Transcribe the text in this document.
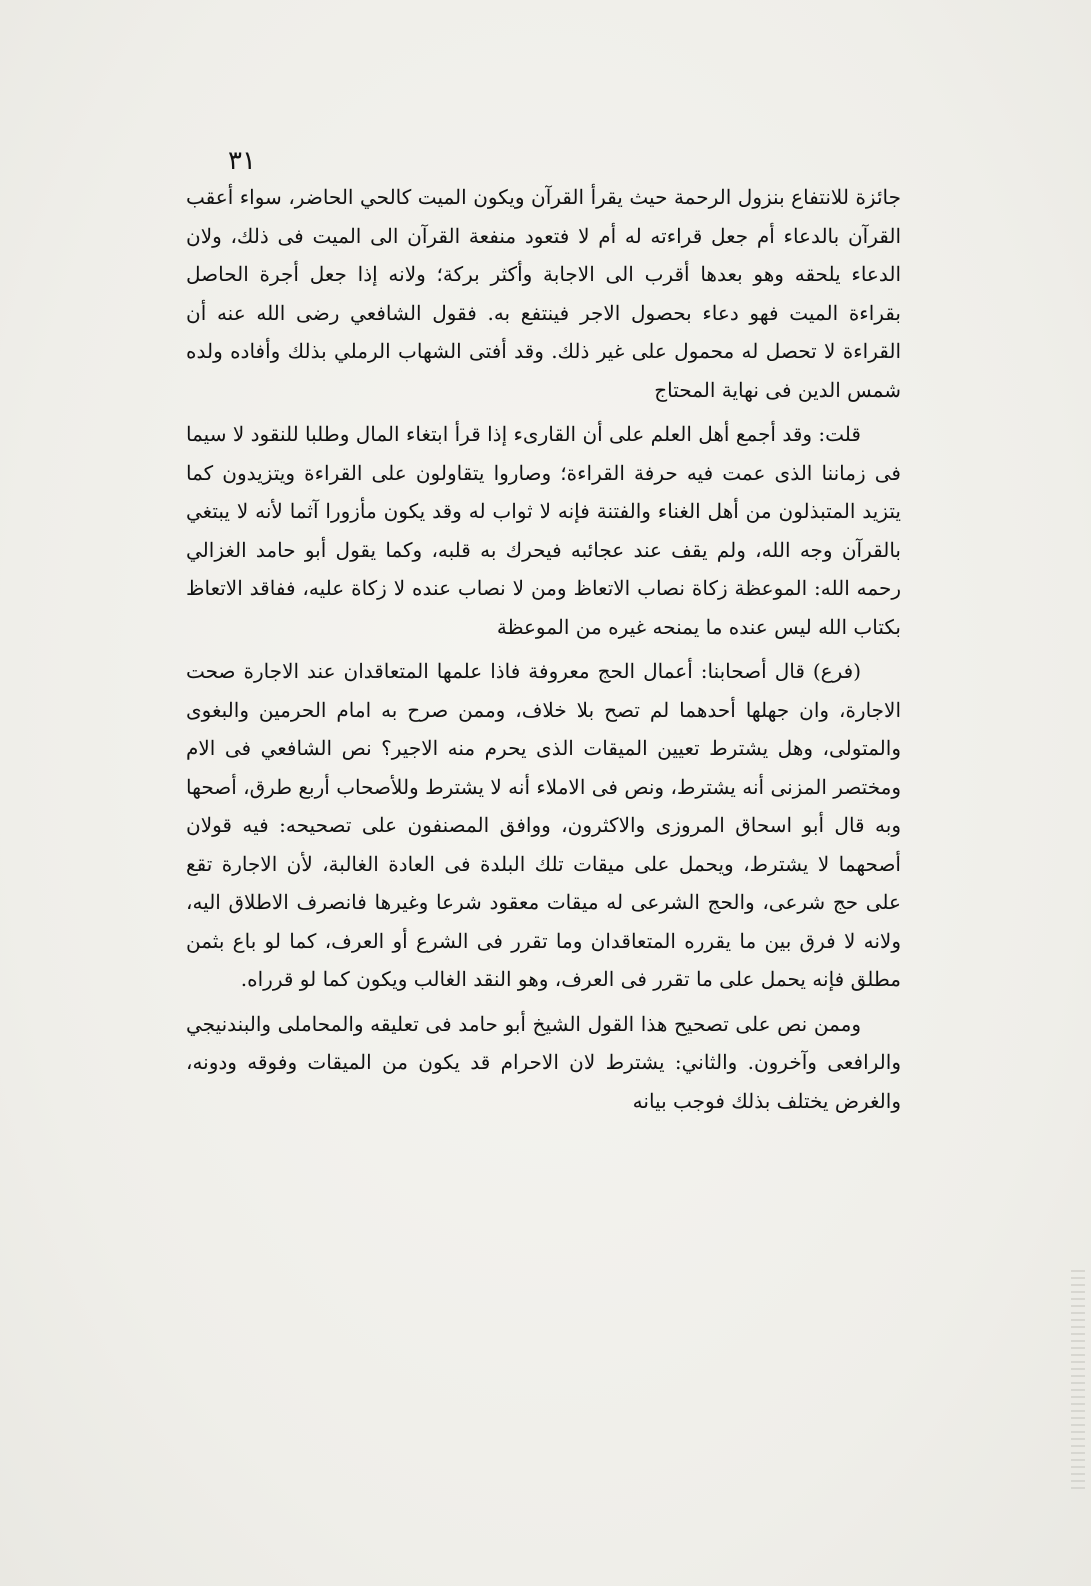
٣١

جائزة للانتفاع بنزول الرحمة حيث يقرأ القرآن ويكون الميت كالحي الحاضر، سواء أعقب القرآن بالدعاء أم جعل قراءته له أم لا فتعود منفعة القرآن الى الميت فى ذلك، ولان الدعاء يلحقه وهو بعدها أقرب الى الاجابة وأكثر بركة؛ ولانه إذا جعل أجرة الحاصل بقراءة الميت فهو دعاء بحصول الاجر فينتفع به. فقول الشافعي رضى الله عنه أن القراءة لا تحصل له محمول على غير ذلك. وقد أفتى الشهاب الرملي بذلك وأفاده ولده شمس الدين فى نهاية المحتاج

قلت: وقد أجمع أهل العلم على أن القارىء إذا قرأ ابتغاء المال وطلبا للنقود لا سيما فى زماننا الذى عمت فيه حرفة القراءة؛ وصاروا يتقاولون على القراءة ويتزيدون كما يتزيد المتبذلون من أهل الغناء والفتنة فإنه لا ثواب له وقد يكون مأزورا آثما لأنه لا يبتغي بالقرآن وجه الله، ولم يقف عند عجائبه فيحرك به قلبه، وكما يقول أبو حامد الغزالي رحمه الله: الموعظة زكاة نصاب الاتعاظ ومن لا نصاب عنده لا زكاة عليه، ففاقد الاتعاظ بكتاب الله ليس عنده ما يمنحه غيره من الموعظة

(فرع) قال أصحابنا: أعمال الحج معروفة فاذا علمها المتعاقدان عند الاجارة صحت الاجارة، وان جهلها أحدهما لم تصح بلا خلاف، وممن صرح به امام الحرمين والبغوى والمتولى، وهل يشترط تعيين الميقات الذى يحرم منه الاجير؟ نص الشافعي فى الام ومختصر المزنى أنه يشترط، ونص فى الاملاء أنه لا يشترط وللأصحاب أربع طرق، أصحها وبه قال أبو اسحاق المروزى والاكثرون، ووافق المصنفون على تصحيحه: فيه قولان أصحهما لا يشترط، ويحمل على ميقات تلك البلدة فى العادة الغالبة، لأن الاجارة تقع على حج شرعى، والحج الشرعى له ميقات معقود شرعا وغيرها فانصرف الاطلاق اليه، ولانه لا فرق بين ما يقرره المتعاقدان وما تقرر فى الشرع أو العرف، كما لو باع بثمن مطلق فإنه يحمل على ما تقرر فى العرف، وهو النقد الغالب ويكون كما لو قرراه.

وممن نص على تصحيح هذا القول الشيخ أبو حامد فى تعليقه والمحاملى والبندنيجي والرافعى وآخرون. والثاني: يشترط لان الاحرام قد يكون من الميقات وفوقه ودونه، والغرض يختلف بذلك فوجب بيانه
